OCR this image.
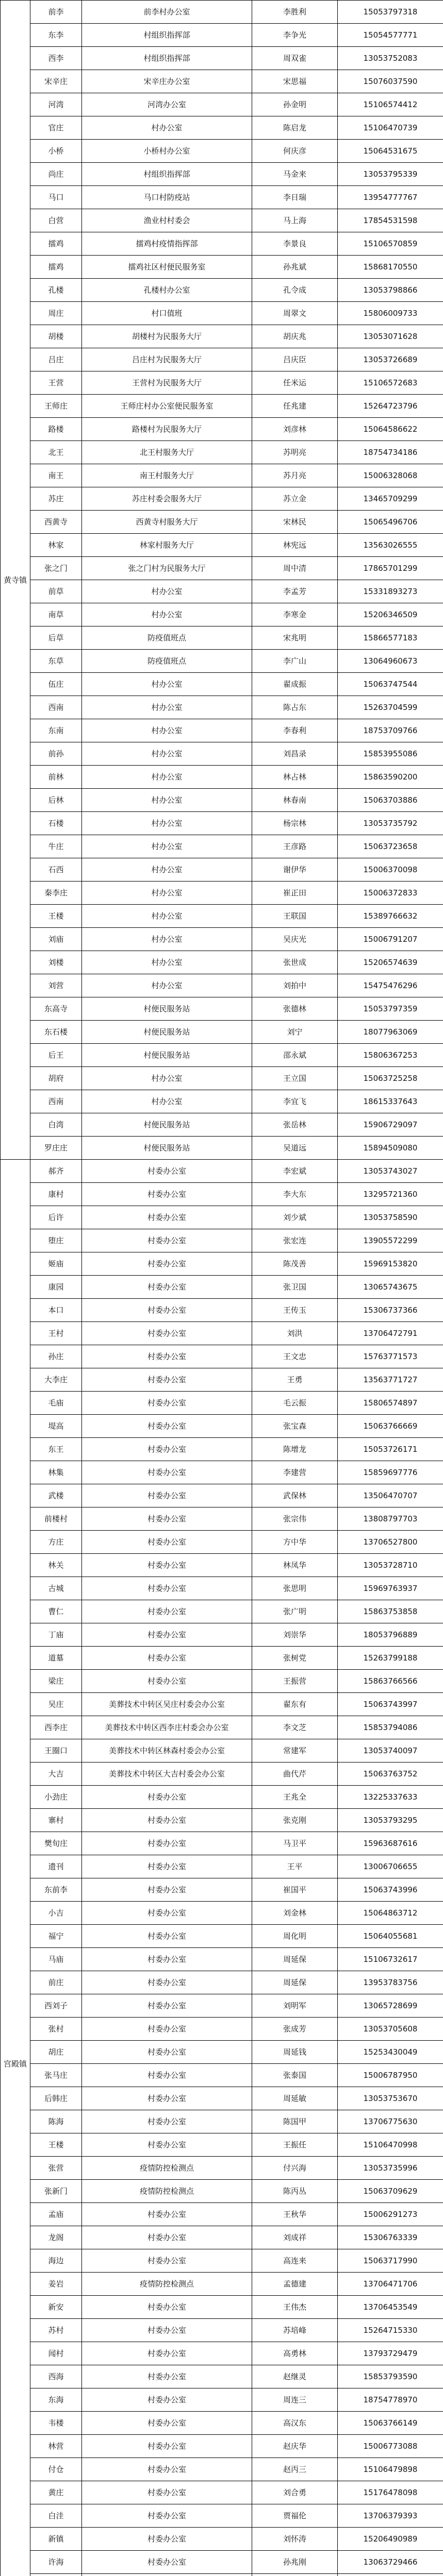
黄寺镇	前李	前李村办公室	李胜利	15053797318
	东李	村组织指挥部	李争光	15054577771
	西李	村组织指挥部	周双雀	13053752083
	宋辛庄	宋辛庄办公室	宋思福	15076037590
	河湾	河湾办公室	孙金明	15106574412
	官庄	村办公室	陈启龙	15106470739
	小桥	小桥村办公室	何庆彦	15064531675
	尚庄	村组织指挥部	马金来	13053795339
	马口	马口村防疫站	李日瑞	13954777767
	白营	渔业村村委会	马上海	17854531598
	擂鸡	擂鸡村疫情指挥部	李景良	15106570859
	擂鸡	擂鸡社区村便民服务室	孙兆斌	15868170550
	孔楼	孔楼村办公室	孔令成	13053798866
	周庄	村口值班	周翠文	15806009733
	胡楼	胡楼村为民服务大厅	胡庆兆	13053071628
	吕庄	吕庄村为民服务大厅	吕庆臣	13053726689
	王营	王营村为民服务大厅	任米运	15106572683
	王师庄	王师庄村办公室便民服务室	任兆建	15264723796
	路楼	路楼村为民服务大厅	刘彦林	15064586622
	北王	北王村服务大厅	苏明亮	18754734186
	南王	南王村服务大厅	苏月亮	15006328068
	苏庄	苏庄村委会服务大厅	苏立金	13465709299
	西黄寺	西黄寺村服务大厅	宋林民	15065496706
	林家	林家村服务大厅	林宪远	13563026555
	张之门	张之门村为民服务大厅	周中清	17865701299
	前草	村办公室	李孟芳	15331893273
	南草	村办公室	李寒金	15206346509
	后草	防疫值班点	宋兆明	15866577183
	东草	防疫值班点	李广山	13064960673
	伍庄	村办公室	翟成振	15063747544
	西南	村办公室	陈占东	15263704599
	东南	村办公室	李春利	18753709766
	前孙	村办公室	刘昌录	15853955086
	前林	村办公室	林占林	15863590200
	后林	村办公室	林春南	15063703886
	石楼	村办公室	杨宗林	13053735792
	牛庄	村办公室	王彦路	15063723658
	石西	村办公室	谢伊华	15006370098
	秦李庄	村办公室	崔正田	15006372833
	王楼	村办公室	王联国	15389766632
	刘庙	村办公室	吴庆光	15006791207
	刘楼	村办公室	张世成	15206574639
	刘营	村办公室	刘拍中	15475476296
	东高寺	村便民服务站	张德林	15053797359
	东石楼	村便民服务站	刘宁	18077963069
	后王	村便民服务站	邵永斌	15806367253
	胡府	村办公室	王立国	15063725258
	西南	村办公室	李宜飞	18615337643
	白湾	村便民服务站	张岳林	15906729097
	罗庄庄	村便民服务站	吴道远	15894509080
宫殿镇	郝齐	村委办公室	李宏斌	13053743027
	康村	村委办公室	李大东	13295721360
	后许	村委办公室	刘少斌	13053758590
	堕庄	村委办公室	张宏连	13905572299
	姬庙	村委办公室	陈茂善	15969153820
	康园	村委办公室	张卫国	13065743675
	本口	村委办公室	王传玉	15306737366
	王村	村委办公室	刘洪	13706472791
	孙庄	村委办公室	王文忠	15763771573
	大李庄	村委办公室	王勇	13563771727
	毛庙	村委办公室	毛云振	15806574897
	堤高	村委办公室	张宝森	15063766669
	东王	村委办公室	陈增龙	15053726171
	林集	村委办公室	李建营	15859697776
	武楼	村委办公室	武保林	13506470707
	前楼村	村委办公室	张宗伟	13808797703
	方庄	村委办公室	方中华	13706527800
	林关	村委办公室	林凤华	13053728710
	古城	村委办公室	张思明	15969763937
	曹仁	村委办公室	张广明	15863753858
	丁庙	村委办公室	刘崇华	18053796889
	道墓	村委办公室	张树党	15263799188
	梁庄	村委办公室	王振营	15863766566
	吴庄	美葬技术中转区吴庄村委会办公室	翟东有	15063743997
	西李庄	美葬技术中转区西李庄村委会办公室	李文芝	15853794086
	王圈口	美葬技术中转区林森村委会办公室	常建军	13053740097
	大吉	美葬技术中转区大吉村委会办公室	曲代芹	15063763752
	小劲庄	村委办公室	王兆全	13225337633
	寨村	村委办公室	张克刚	13053793295
	樊旬庄	村委办公室	马卫平	15963687616
	遗刊	村委办公室	王平	13006706655
	东前李	村委办公室	崔国平	15063743996
	小吉	村委办公室	刘金林	15064863712
	福宁	村委办公室	周化明	15064055681
	马庙	村委办公室	周延保	15106732617
	前庄	村委办公室	周延保	13953783756
	西刘子	村委办公室	刘明军	13065728699
	张村	村委办公室	张成芳	13053705608
	胡庄	村委办公室	周延钱	15253430049
	张马庄	村委办公室	张泰国	15006787950
	后韩庄	村委办公室	周延敏	13053753670
	陈海	村委办公室	陈国甲	13706775630
	王楼	村委办公室	王振任	15106470998
	张营	疫情防控检测点	付兴海	13053735996
	张新门	疫情防控检测点	陈丙丛	15063709629
	孟庙	村委办公室	王秋华	15006291273
	龙阁	村委办公室	刘成祥	15306763339
	海边	村委办公室	高连来	15063717990
	姜岩	疫情防控检测点	孟德建	13706471706
	新安	村委办公室	王伟杰	13706453549
	苏村	村委办公室	苏培峰	15264715330
	闻村	村委办公室	高勇林	13793729479
	西海	村委办公室	赵继灵	15853793590
	东海	村委办公室	周连三	18754778970
	韦楼	村委办公室	高汉东	15063766149
	林营	村委办公室	赵庆华	15006773088
	付仓	村委办公室	赵丙三	15106479898
	黄庄	村委办公室	刘合勇	15176478098
	白洼	村委办公室	贾福伦	13706379393
	新镇	村委办公室	刘怀涛	15206490989
	许海	村委办公室	孙兆刚	13063729466
